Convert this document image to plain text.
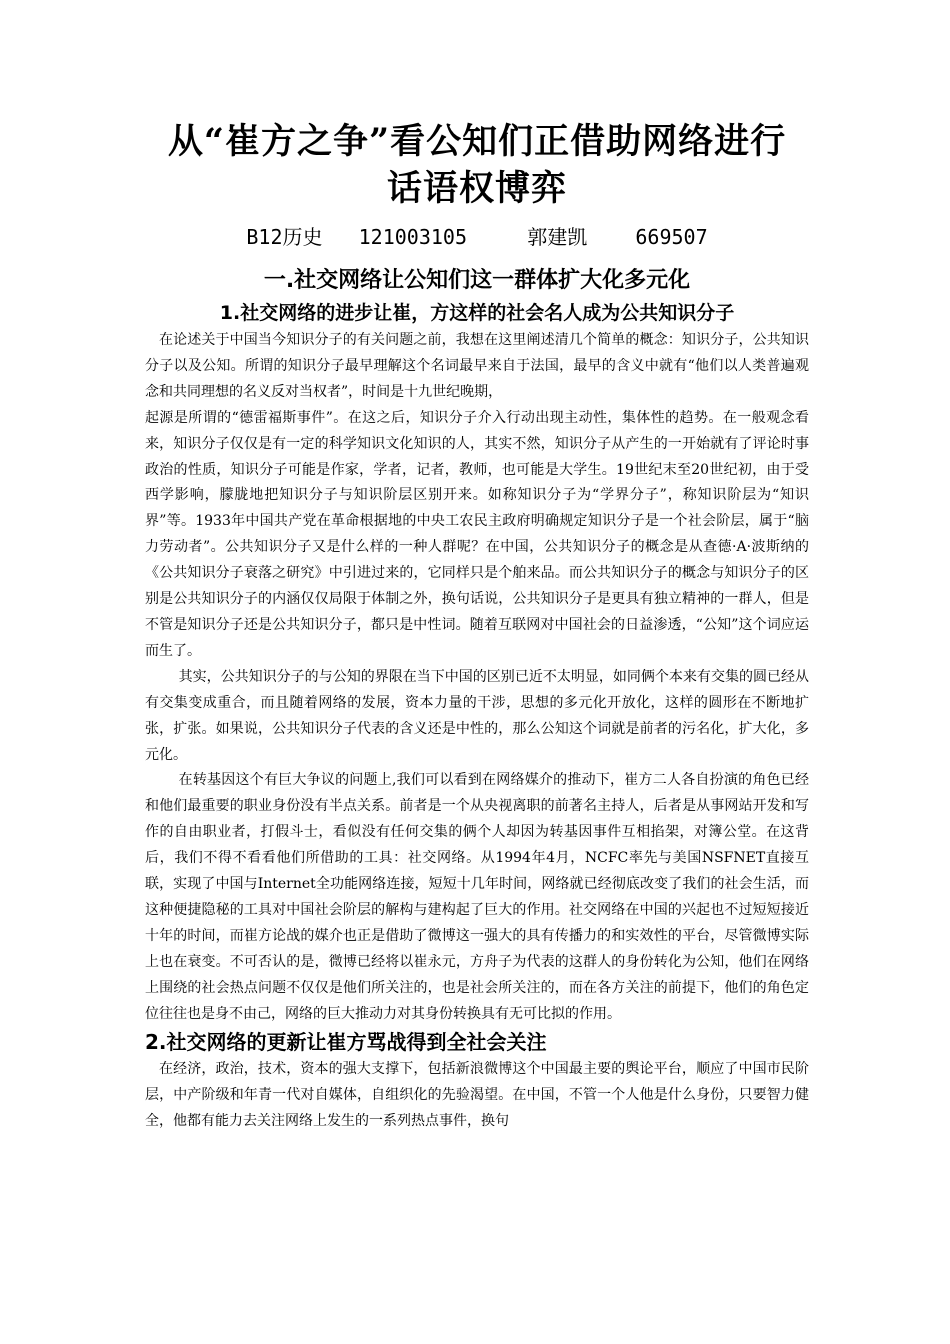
从“崔方之争”看公知们正借助网络进行
话语权博弈
B12历史   121003105     郭建凯    669507
一.社交网络让公知们这一群体扩大化多元化
1.社交网络的进步让崔，方这样的社会名人成为公共知识分子

在论述关于中国当今知识分子的有关问题之前，我想在这里阐述清几个简单的概念：知识分子，公共知识分子以及公知。所谓的知识分子最早理解这个名词最早来自于法国，最早的含义中就有“他们以人类普遍观念和共同理想的名义反对当权者”，时间是十九世纪晚期，

起源是所谓的“德雷福斯事件”。在这之后，知识分子介入行动出现主动性，集体性的趋势。在一般观念看来，知识分子仅仅是有一定的科学知识文化知识的人，其实不然，知识分子从产生的一开始就有了评论时事政治的性质，知识分子可能是作家，学者，记者，教师，也可能是大学生。19世纪末至20世纪初，由于受西学影响，朦胧地把知识分子与知识阶层区别开来。如称知识分子为“学界分子”，称知识阶层为“知识界”等。1933年中国共产党在革命根据地的中央工农民主政府明确规定知识分子是一个社会阶层，属于“脑力劳动者”。公共知识分子又是什么样的一种人群呢？在中国，公共知识分子的概念是从查德·A·波斯纳的《公共知识分子衰落之研究》中引进过来的，它同样只是个舶来品。而公共知识分子的概念与知识分子的区别是公共知识分子的内涵仅仅局限于体制之外，换句话说，公共知识分子是更具有独立精神的一群人，但是不管是知识分子还是公共知识分子，都只是中性词。随着互联网对中国社会的日益渗透，“公知”这个词应运而生了。

其实，公共知识分子的与公知的界限在当下中国的区别已近不太明显，如同俩个本来有交集的圆已经从有交集变成重合，而且随着网络的发展，资本力量的干涉，思想的多元化开放化，这样的圆形在不断地扩张，扩张。如果说，公共知识分子代表的含义还是中性的，那么公知这个词就是前者的污名化，扩大化，多元化。

在转基因这个有巨大争议的问题上,我们可以看到在网络媒介的推动下，崔方二人各自扮演的角色已经和他们最重要的职业身份没有半点关系。前者是一个从央视离职的前著名主持人，后者是从事网站开发和写作的自由职业者，打假斗士，看似没有任何交集的俩个人却因为转基因事件互相掐架，对簿公堂。在这背后，我们不得不看看他们所借助的工具：社交网络。从1994年4月，NCFC率先与美国NSFNET直接互联，实现了中国与Internet全功能网络连接，短短十几年时间，网络就已经彻底改变了我们的社会生活，而这种便捷隐秘的工具对中国社会阶层的解构与建构起了巨大的作用。社交网络在中国的兴起也不过短短接近十年的时间，而崔方论战的媒介也正是借助了微博这一强大的具有传播力的和实效性的平台，尽管微博实际上也在衰变。不可否认的是，微博已经将以崔永元，方舟子为代表的这群人的身份转化为公知，他们在网络上围绕的社会热点问题不仅仅是他们所关注的，也是社会所关注的，而在各方关注的前提下，他们的角色定位往往也是身不由己，网络的巨大推动力对其身份转换具有无可比拟的作用。

2.社交网络的更新让崔方骂战得到全社会关注

在经济，政治，技术，资本的强大支撑下，包括新浪微博这个中国最主要的舆论平台，顺应了中国市民阶层，中产阶级和年青一代对自媒体，自组织化的先验渴望。在中国，不管一个人他是什么身份，只要智力健全，他都有能力去关注网络上发生的一系列热点事件，换句
